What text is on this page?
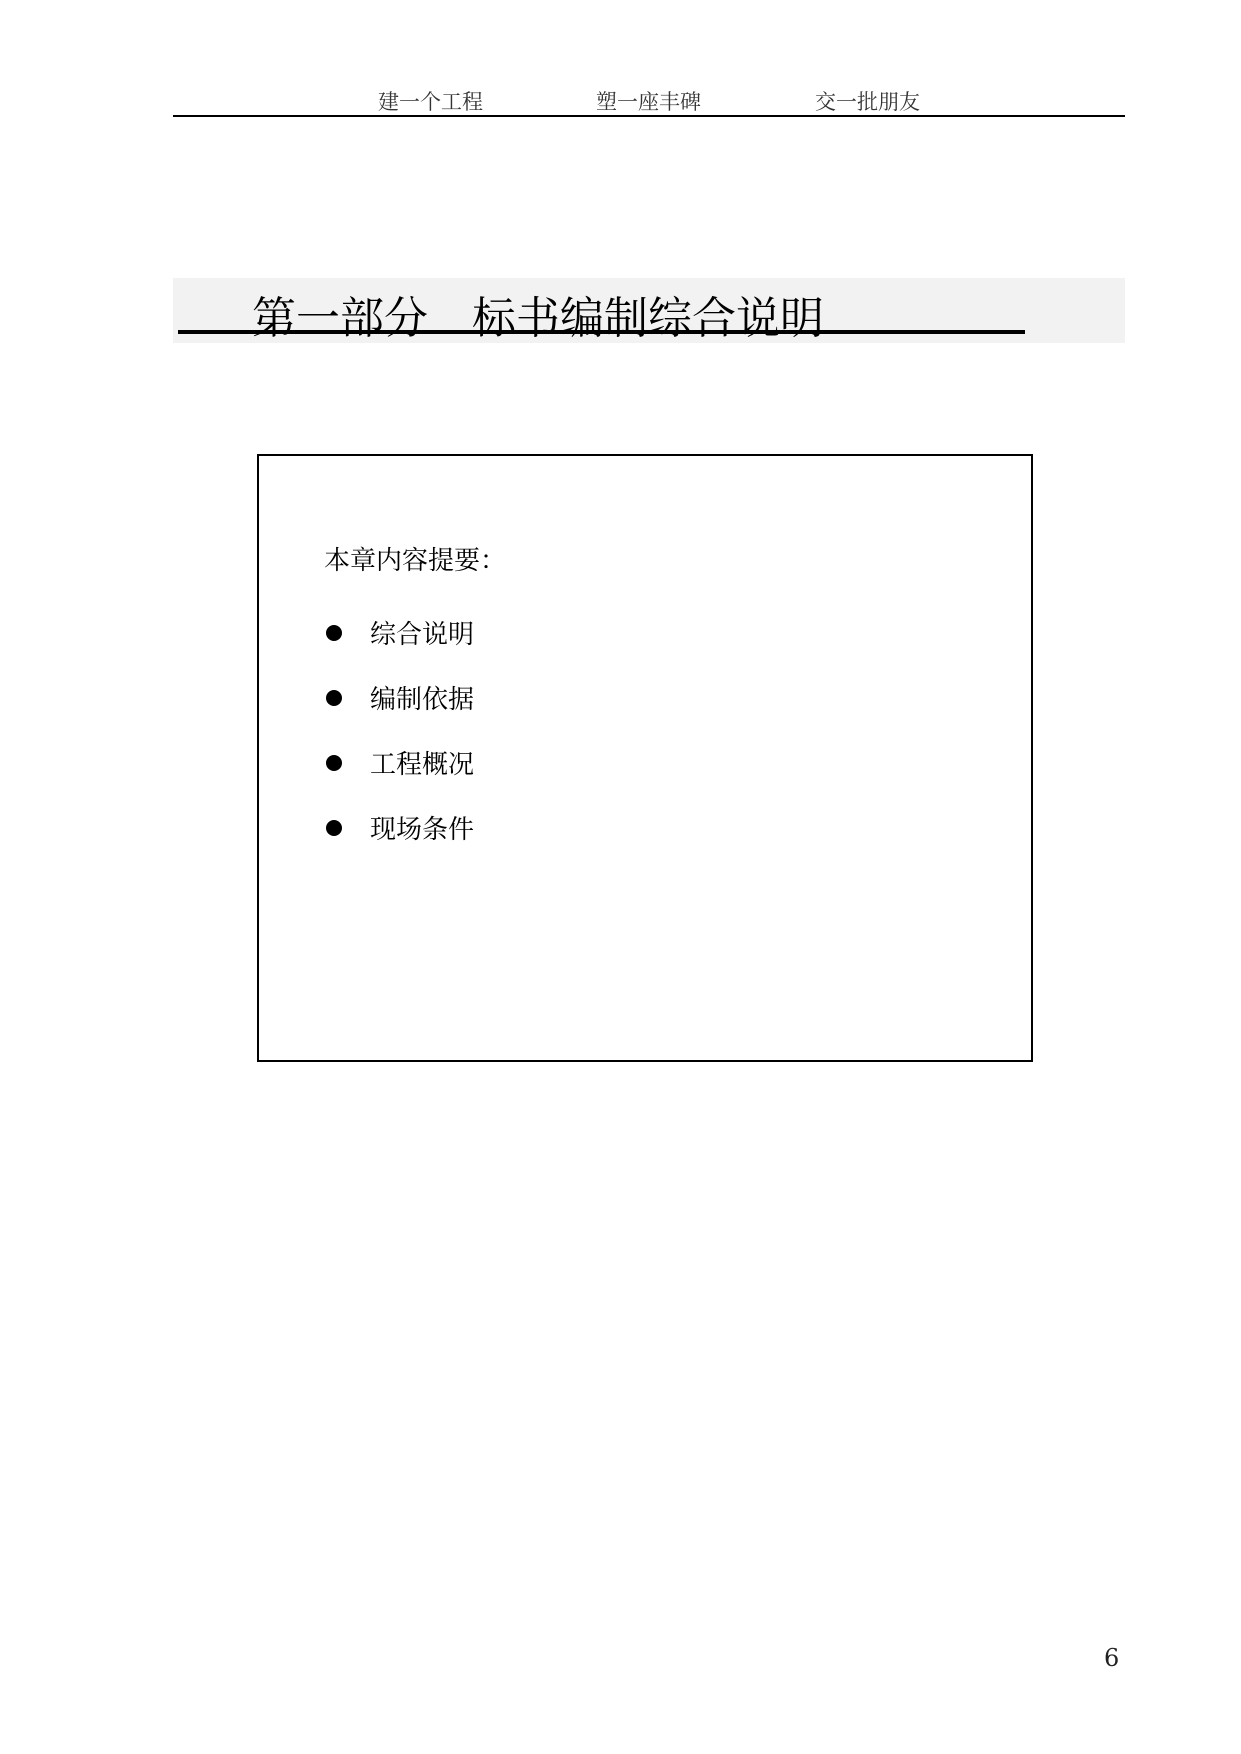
建一个工程	塑一座丰碑	交一批朋友
第一部分 标书编制综合说明
本章内容提要：
综合说明
编制依据
工程概况
现场条件
6
